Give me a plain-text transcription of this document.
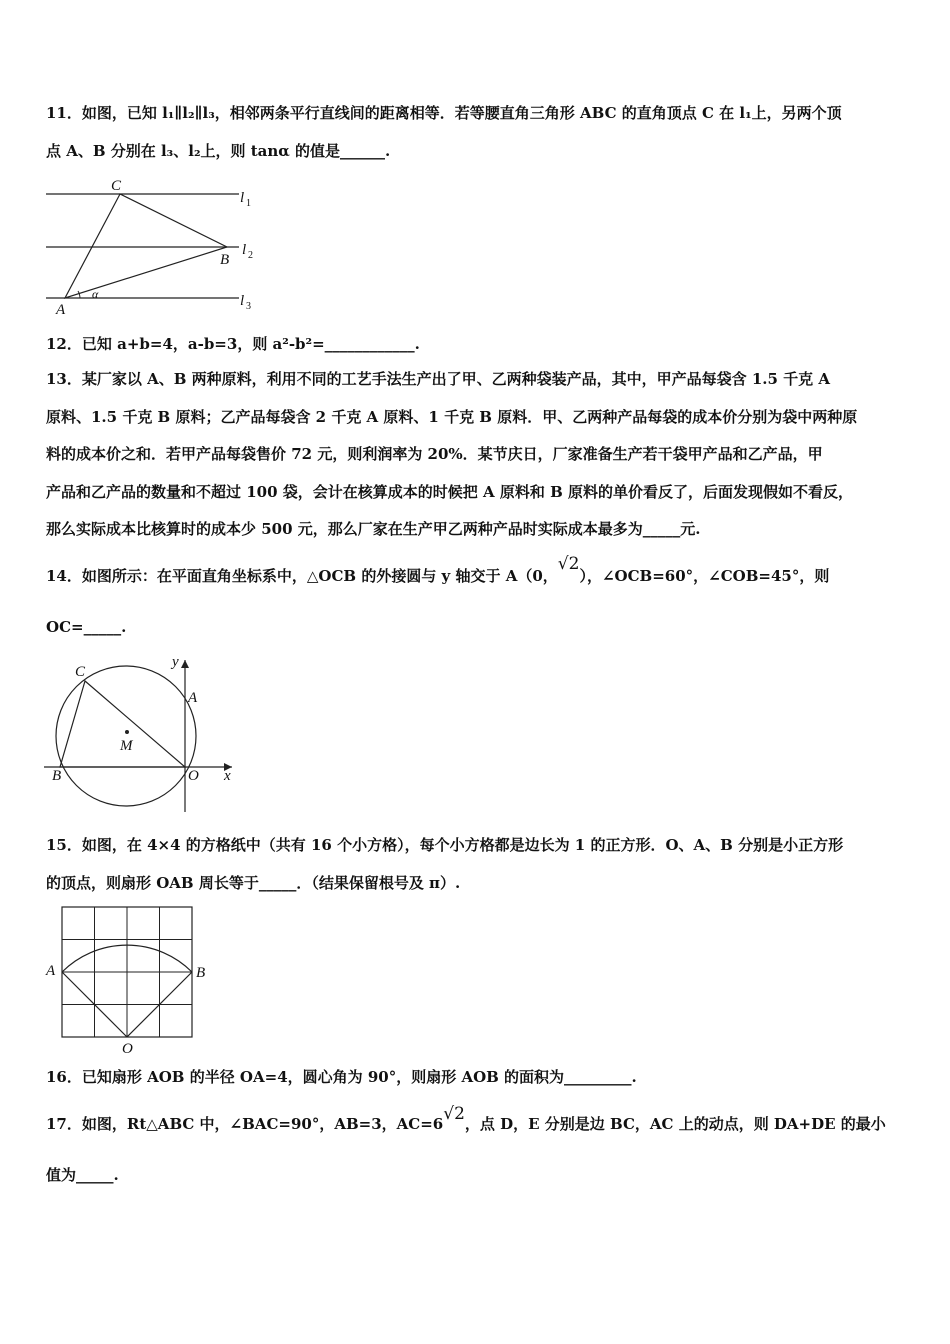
11．如图，已知 l₁∥l₂∥l₃，相邻两条平行直线间的距离相等．若等腰直角三角形 ABC 的直角顶点 C 在 l₁上，另两个顶
点 A、B 分别在 l₃、l₂上，则 tanα 的值是______.
C
B
A
α
l 1
l 2
l 3
12．已知 a+b=4，a-b=3，则 a²-b²=____________.
13．某厂家以 A、B 两种原料，利用不同的工艺手法生产出了甲、乙两种袋装产品，其中，甲产品每袋含 1.5 千克 A
原料、1.5 千克 B 原料；乙产品每袋含 2 千克 A 原料、1 千克 B 原料．甲、乙两种产品每袋的成本价分别为袋中两种原
料的成本价之和．若甲产品每袋售价 72 元，则利润率为 20%．某节庆日，厂家准备生产若干袋甲产品和乙产品，甲
产品和乙产品的数量和不超过 100 袋，会计在核算成本的时候把 A 原料和 B 原料的单价看反了，后面发现假如不看反，
那么实际成本比核算时的成本少 500 元，那么厂家在生产甲乙两种产品时实际成本最多为_____元.
14．如图所示：在平面直角坐标系中，△OCB 的外接圆与 y 轴交于 A（0，√2），∠OCB=60°，∠COB=45°，则
OC=_____.
C
y
A
M
B	O x
15．如图，在 4×4 的方格纸中（共有 16 个小方格），每个小方格都是边长为 1 的正方形．O、A、B 分别是小正方形
的顶点，则扇形 OAB 周长等于_____．（结果保留根号及 π）.
A	B
O
16．已知扇形 AOB 的半径 OA=4，圆心角为 90°，则扇形 AOB 的面积为_________.
17．如图，Rt△ABC 中，∠BAC=90°，AB=3，AC=6√2，点 D，E 分别是边 BC，AC 上的动点，则 DA+DE 的最小
值为_____.
